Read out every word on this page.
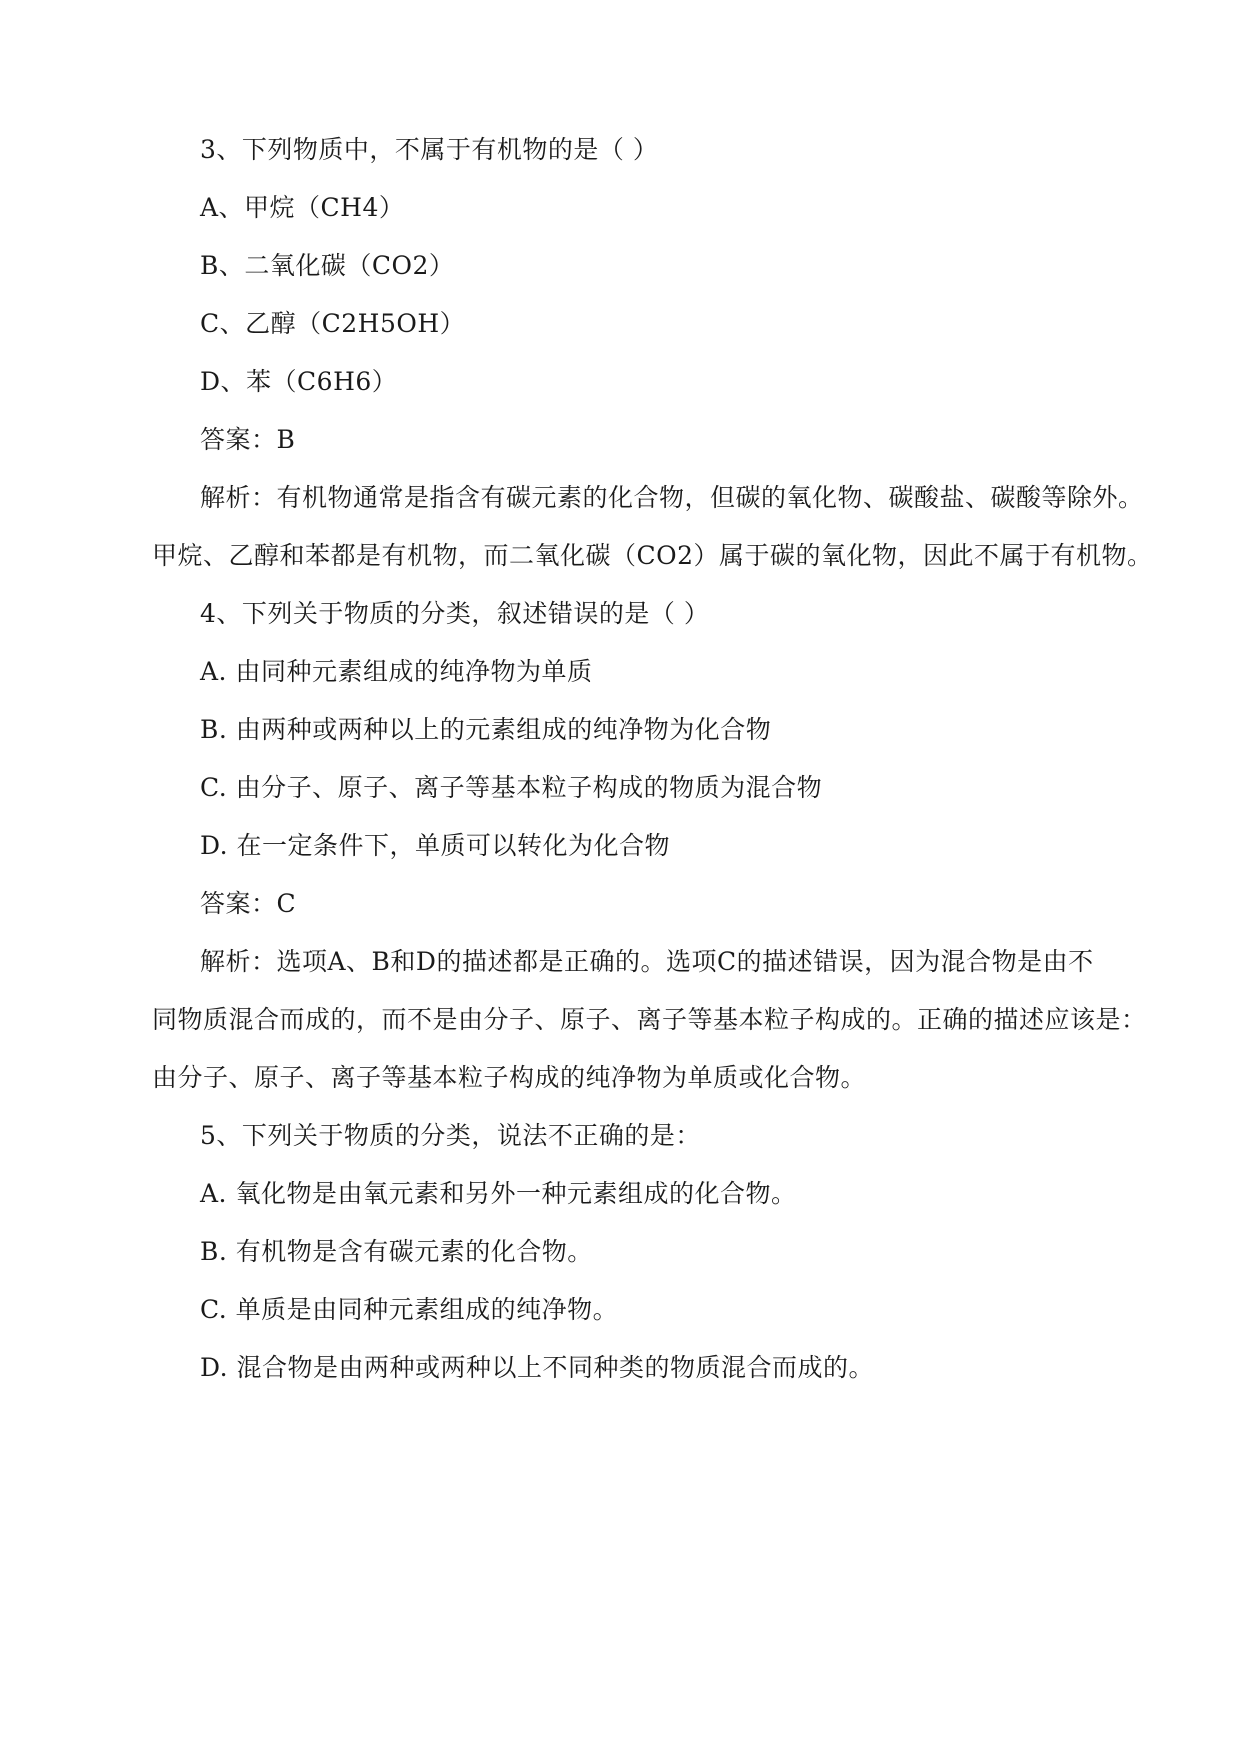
3、下列物质中，不属于有机物的是（ ）
A、甲烷（CH4）
B、二氧化碳（CO2）
C、乙醇（C2H5OH）
D、苯（C6H6）
答案：B
解析：有机物通常是指含有碳元素的化合物，但碳的氧化物、碳酸盐、碳酸等除外。
甲烷、乙醇和苯都是有机物，而二氧化碳（CO2）属于碳的氧化物，因此不属于有机物。
4、下列关于物质的分类，叙述错误的是（ ）
A. 由同种元素组成的纯净物为单质
B. 由两种或两种以上的元素组成的纯净物为化合物
C. 由分子、原子、离子等基本粒子构成的物质为混合物
D. 在一定条件下，单质可以转化为化合物
答案：C
解析：选项A、B和D的描述都是正确的。选项C的描述错误，因为混合物是由不
同物质混合而成的，而不是由分子、原子、离子等基本粒子构成的。正确的描述应该是：
由分子、原子、离子等基本粒子构成的纯净物为单质或化合物。
5、下列关于物质的分类，说法不正确的是：
A. 氧化物是由氧元素和另外一种元素组成的化合物。
B. 有机物是含有碳元素的化合物。
C. 单质是由同种元素组成的纯净物。
D. 混合物是由两种或两种以上不同种类的物质混合而成的。
